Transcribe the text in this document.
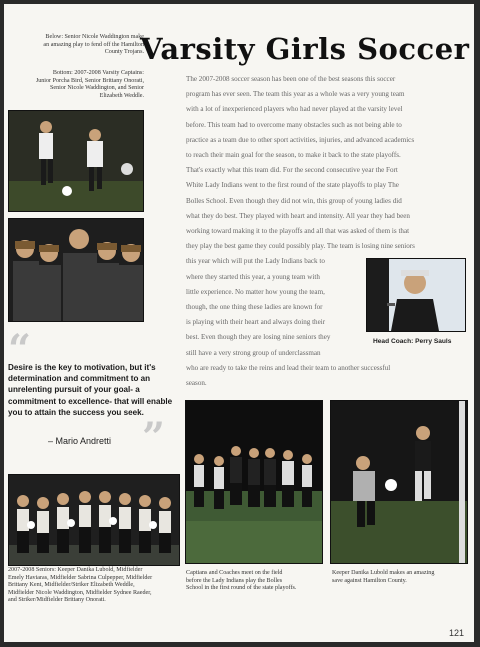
Below: Senior Nicole Waddington make
an amazing play to fend off the Hamilton
County Trojans.
Bottom: 2007-2008 Varsity Captains:
Junior Porcha Bird, Senior Brittany Onorati,
Senior Nicole Waddington, and Senior
Elizabeth Weddle.
Varsity Girls Soccer
The 2007-2008 soccer season has been one of the best seasons this soccer
program has ever seen. The team this year as a whole was a very young team
with a lot of inexperienced players who had never played at the varsity level
before. This team had to overcome many obstacles such as not being able to
practice as a team due to other sport activities, injuries, and advanced academics
to reach their main goal for the season, to make it back to the state playoffs.
That's exactly what this team did. For the second consecutive year the Fort
White Lady Indians went to the first round of the state playoffs to play The
Bolles School. Even though they did not win, this group of young ladies did
what they do best. They played with heart and intensity. All year they had been
working toward making it to the playoffs and all that was asked of them is that
they play the best game they could possibly play. The team is losing nine seniors
this year which will put the Lady Indians back to
where they started this year, a young team with
little experience. No matter how young the team,
though, the one thing these ladies are known for
is playing with their heart and always doing their
best. Even though they are losing nine seniors they
still have a very strong group of underclassman
who are ready to take the reins and lead their team to another successful
season.
Head Coach: Perry Sauls
“
Desire is the key to motivation, but it's determination and commitment to an unrelenting pursuit of your goal- a commitment to excellence- that will enable you to attain the success you seek.
– Mario Andretti ”
2007-2008 Seniors: Keeper Danika Lubold, Midfielder
Emely Haviaras, Midfielder Sabrina Culpepper, Midfielder
Brittany Kent, Midfielder/Striker Elizabeth Weddle,
Midfielder Nicole Waddington, Midfielder Sydnee Raeder,
and Striker/Midfielder Brittany Onorati.
Captians and Coaches meet on the field
before the Lady Indians play the Bolles
School in the first round of the state playoffs.
Keeper Danika Lubold makes an amazing
save against Hamilton County.
121
